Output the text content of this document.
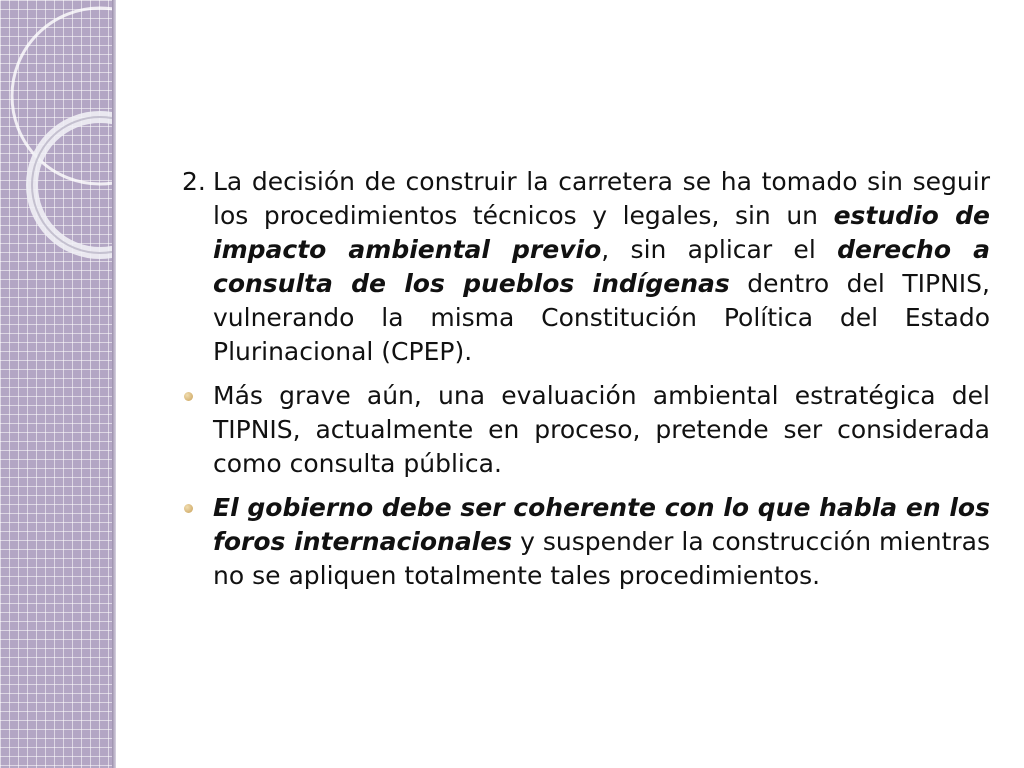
2. La decisión de construir la carretera se ha tomado sin seguir los procedimientos técnicos y legales, sin un estudio de impacto ambiental previo, sin aplicar el derecho a consulta de los pueblos indígenas dentro del TIPNIS, vulnerando la misma Constitución Política del Estado Plurinacional (CPEP).
Más grave aún, una evaluación ambiental estratégica del TIPNIS, actualmente en proceso, pretende ser considerada como consulta pública.
El gobierno debe ser coherente con lo que habla en los foros internacionales y suspender la construcción mientras no se apliquen totalmente tales procedimientos.
